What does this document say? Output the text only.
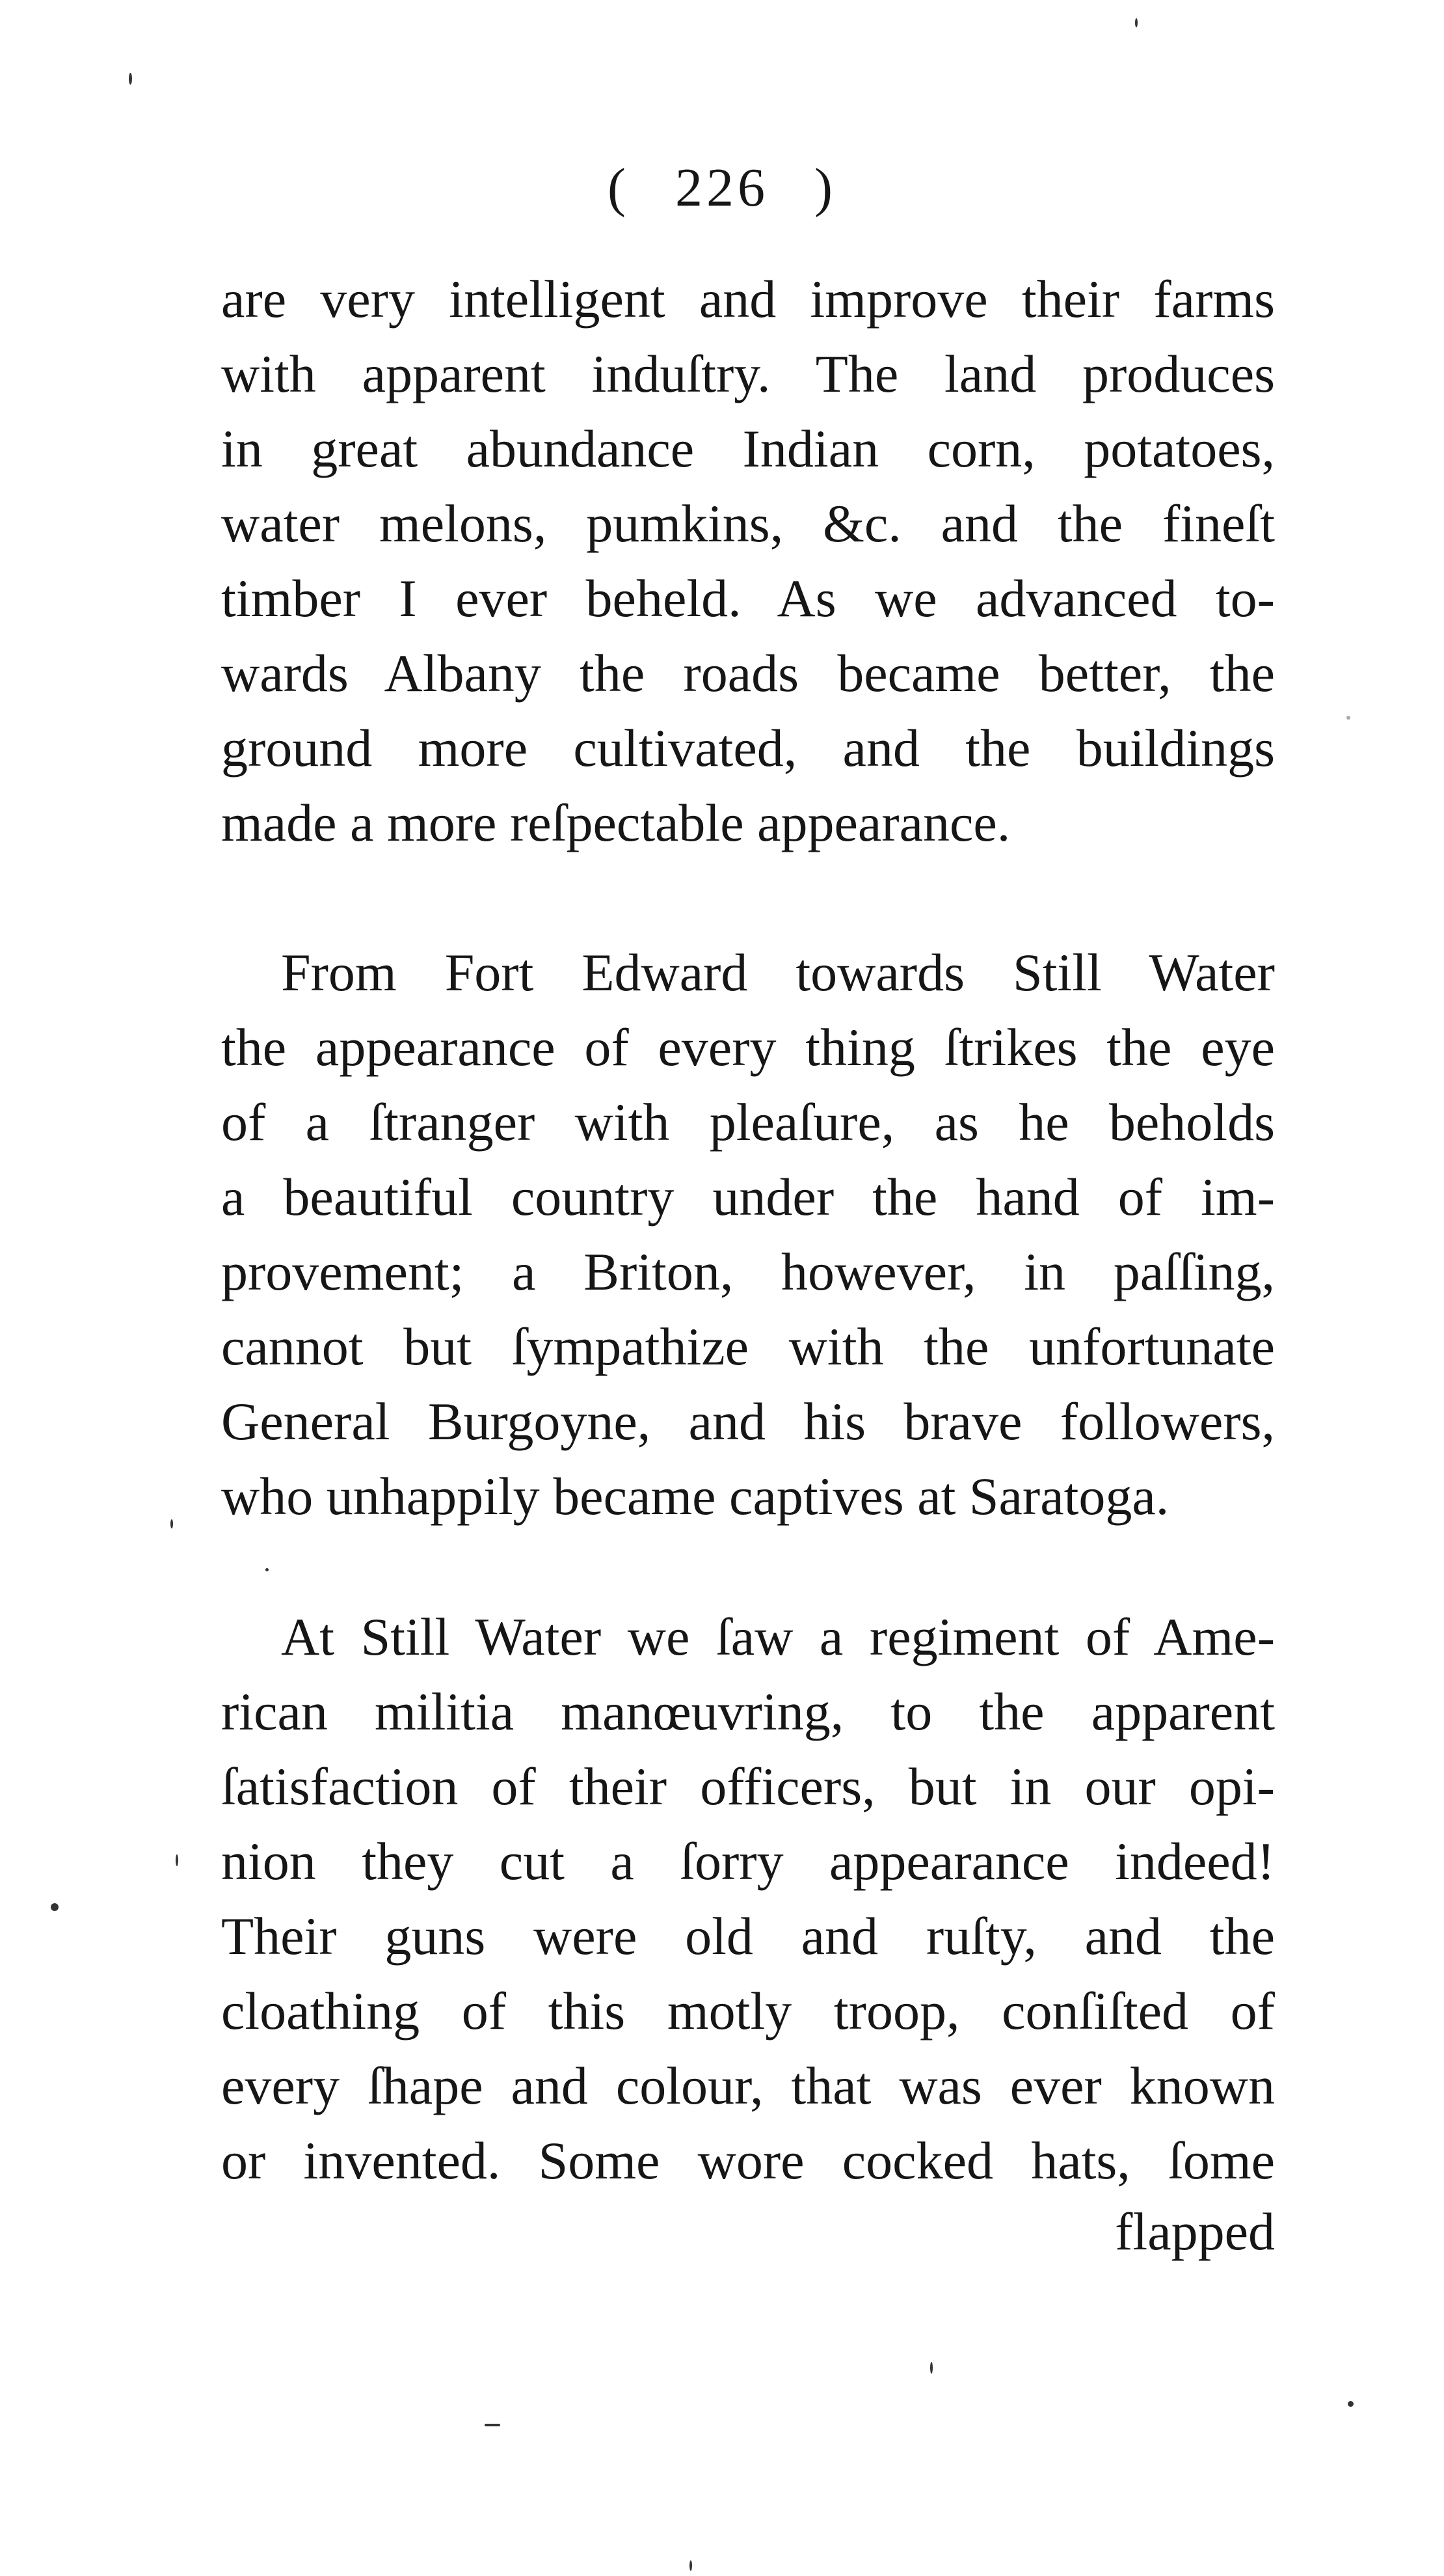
( 226 )
are very intelligent and improve their farms
with apparent induſtry. The land produces
in great abundance Indian corn, potatoes,
water melons, pumkins, &c. and the fineſt
timber I ever beheld. As we advanced to-
wards Albany the roads became better, the
ground more cultivated, and the buildings
made a more reſpectable appearance.
From Fort Edward towards Still Water
the appearance of every thing ſtrikes the eye
of a ſtranger with pleaſure, as he beholds
a beautiful country under the hand of im-
provement; a Briton, however, in paſſing,
cannot but ſympathize with the unfortunate
General Burgoyne, and his brave followers,
who unhappily became captives at Saratoga.
At Still Water we ſaw a regiment of Ame-
rican militia manœuvring, to the apparent
ſatisfaction of their officers, but in our opi-
nion they cut a ſorry appearance indeed!
Their guns were old and ruſty, and the
cloathing of this motly troop, conſiſted of
every ſhape and colour, that was ever known
or invented. Some wore cocked hats, ſome
flapped
